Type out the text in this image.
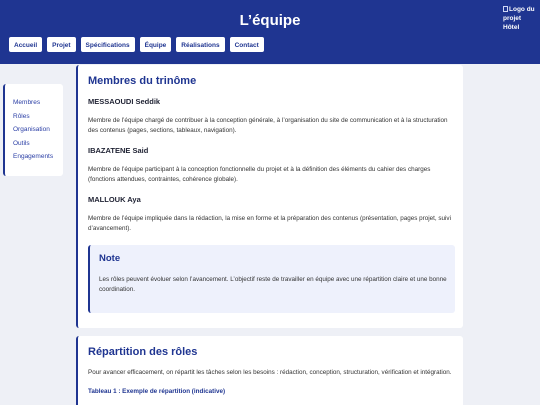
L’équipe
Logo du projet Hôtel
Accueil	Projet	Spécifications	Équipe	Réalisations	Contact
Membres
Rôles
Organisation
Outils
Engagements
Membres du trinôme
MESSAOUDI Seddik
Membre de l’équipe chargé de contribuer à la conception générale, à l’organisation du site de communication et à la structuration des contenus (pages, sections, tableaux, navigation).
IBAZATENE Said
Membre de l’équipe participant à la conception fonctionnelle du projet et à la définition des éléments du cahier des charges (fonctions attendues, contraintes, cohérence globale).
MALLOUK Aya
Membre de l’équipe impliquée dans la rédaction, la mise en forme et la préparation des contenus (présentation, pages projet, suivi d’avancement).
Note
Les rôles peuvent évoluer selon l’avancement. L’objectif reste de travailler en équipe avec une répartition claire et une bonne coordination.
Répartition des rôles
Pour avancer efficacement, on répartit les tâches selon les besoins : rédaction, conception, structuration, vérification et intégration.
Tableau 1 : Exemple de répartition (indicative)
